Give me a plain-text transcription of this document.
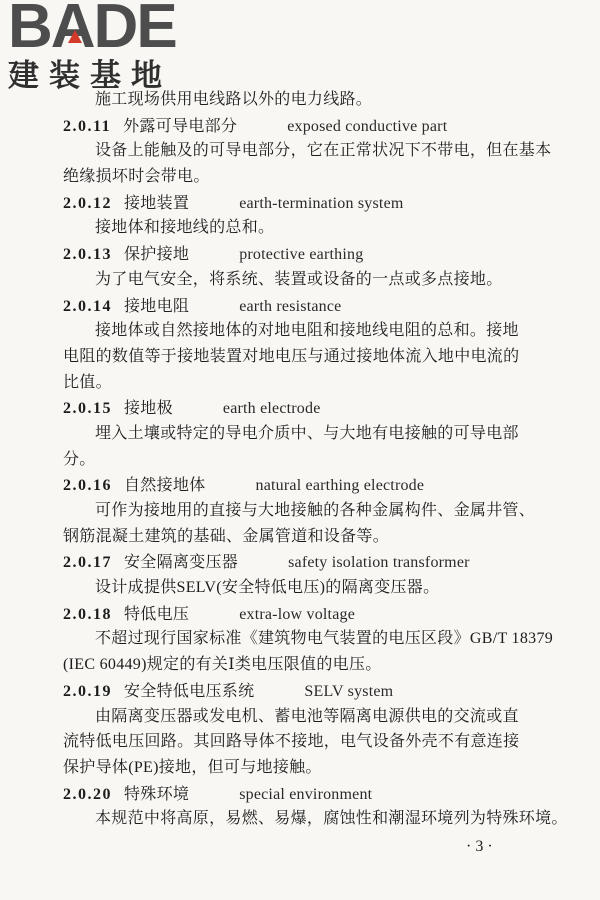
BADE
建装基地
施工现场供用电线路以外的电力线路。
2.0.11 外露可导电部分	exposed conductive part
设备上能触及的可导电部分，它在正常状况下不带电，但在基本
绝缘损坏时会带电。
2.0.12 接地装置	earth-termination system
接地体和接地线的总和。
2.0.13 保护接地	protective earthing
为了电气安全，将系统、装置或设备的一点或多点接地。
2.0.14 接地电阻	earth resistance
接地体或自然接地体的对地电阻和接地线电阻的总和。接地
电阻的数值等于接地装置对地电压与通过接地体流入地中电流的
比值。
2.0.15 接地极	earth electrode
埋入土壤或特定的导电介质中、与大地有电接触的可导电部
分。
2.0.16 自然接地体	natural earthing electrode
可作为接地用的直接与大地接触的各种金属构件、金属井管、
钢筋混凝土建筑的基础、金属管道和设备等。
2.0.17 安全隔离变压器	safety isolation transformer
设计成提供SELV(安全特低电压)的隔离变压器。
2.0.18 特低电压	extra-low voltage
不超过现行国家标准《建筑物电气装置的电压区段》GB/T 18379
(IEC 60449)规定的有关Ⅰ类电压限值的电压。
2.0.19 安全特低电压系统	SELV system
由隔离变压器或发电机、蓄电池等隔离电源供电的交流或直
流特低电压回路。其回路导体不接地，电气设备外壳不有意连接
保护导体(PE)接地，但可与地接触。
2.0.20 特殊环境	special environment
本规范中将高原，易燃、易爆，腐蚀性和潮湿环境列为特殊环境。
· 3 ·
